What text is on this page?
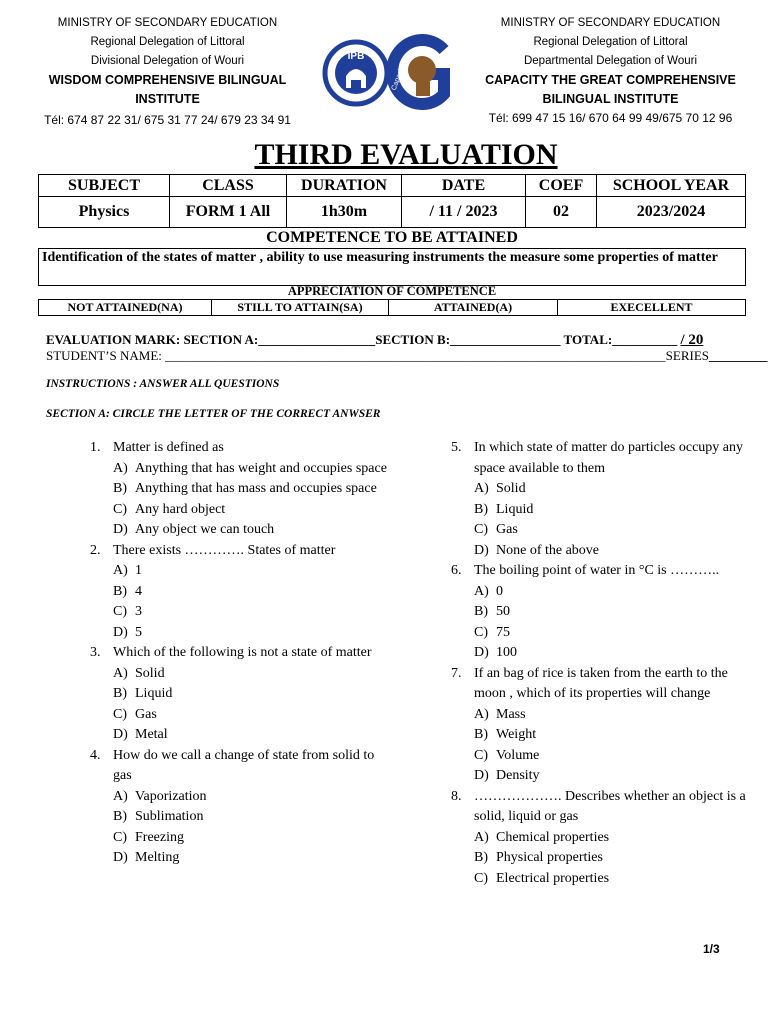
MINISTRY OF SECONDARY EDUCATION
Regional Delegation of Littoral
Divisional Delegation of Wouri
WISDOM COMPREHENSIVE BILINGUAL
INSTITUTE
Tél: 674 87 22 31/ 675 31 77 24/ 679 23 34 91
IPB
Capacity
MINISTRY OF SECONDARY EDUCATION
Regional Delegation of Littoral
Departmental Delegation of Wouri
CAPACITY THE GREAT COMPREHENSIVE
BILINGUAL INSTITUTE
Tél: 699 47 15 16/ 670 64 99 49/675 70 12 96
THIRD EVALUATION
SUBJECT	CLASS	DURATION	DATE	COEF	SCHOOL YEAR
Physics	FORM 1 All	1h30m	/ 11 / 2023	02	2023/2024
COMPETENCE TO BE ATTAINED
Identification of the states of matter , ability to use measuring instruments the measure some properties of matter
APPRECIATION OF COMPETENCE
NOT ATTAINED(NA)	STILL TO ATTAIN(SA)	ATTAINED(A)	EXECELLENT
EVALUATION MARK: SECTION A:__________________SECTION B:_________________ TOTAL:__________ / 20
STUDENT’S NAME: _____________________________________________________________________________SERIES_________
INSTRUCTIONS : ANSWER ALL QUESTIONS
SECTION A: CIRCLE THE LETTER OF THE CORRECT ANWSER
1. Matter is defined as
A) Anything that has weight and occupies space
B) Anything that has mass and occupies space
C) Any hard object
D) Any object we can touch
2. There exists …………. States of matter
A) 1
B) 4
C) 3
D) 5
3. Which of the following is not a state of matter
A) Solid
B) Liquid
C) Gas
D) Metal
4. How do we call a change of state from solid to gas
A) Vaporization
B) Sublimation
C) Freezing
D) Melting
5. In which state of matter do particles occupy any space available to them
A) Solid
B) Liquid
C) Gas
D) None of the above
6. The boiling point of water in °C is ………..
A) 0
B) 50
C) 75
D) 100
7. If an bag of rice is taken from the earth to the moon , which of its properties will change
A) Mass
B) Weight
C) Volume
D) Density
8. ………………. Describes whether an object is a solid, liquid or gas
A) Chemical properties
B) Physical properties
C) Electrical properties
1/3
